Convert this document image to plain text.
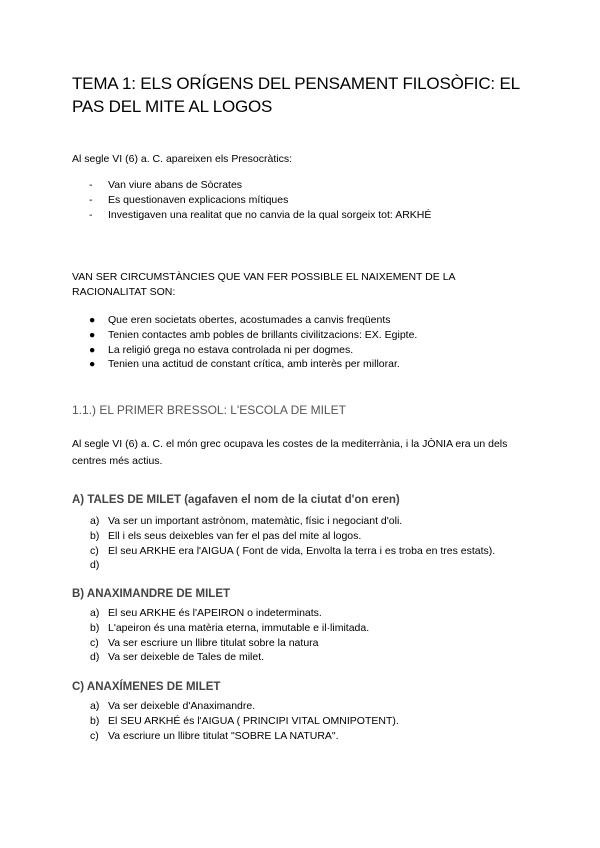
TEMA 1: ELS ORÍGENS DEL PENSAMENT FILOSÒFIC: EL PAS DEL MITE AL LOGOS

Al segle VI (6) a. C. apareixen els Presocràtics:

- Van viure abans de Sòcrates
- Es questionaven explicacions mítiques
- Investigaven una realitat que no canvia de la qual sorgeix tot: ARKHÉ

VAN SER CIRCUMSTÀNCIES QUE VAN FER POSSIBLE EL NAIXEMENT DE LA RACIONALITAT SON:

● Que eren societats obertes, acostumades a canvis freqüents
● Tenien contactes amb pobles de brillants civilitzacions: EX. Egipte.
● La religió grega no estava controlada ni per dogmes.
● Tenien una actitud de constant crítica, amb interès per millorar.

1.1.) EL PRIMER BRESSOL: L'ESCOLA DE MILET

Al segle VI (6) a. C. el món grec ocupava les costes de la mediterrània, i la JÒNIA era un dels centres més actius.

A) TALES DE MILET (agafaven el nom de la ciutat d'on eren)

a) Va ser un important astrònom, matemàtic, físic i negociant d'oli.
b) Ell i els seus deixebles van fer el pas del mite al logos.
c) El seu ARKHE era l'AIGUA ( Font de vida, Envolta la terra i es troba en tres estats).
d)

B) ANAXIMANDRE DE MILET

a) El seu ARKHE és l'APEIRON o indeterminats.
b) L'apeiron és una matèria eterna, immutable e il·limitada.
c) Va ser escriure un llibre titulat sobre la natura
d) Va ser deixeble de Tales de milet.

C) ANAXÍMENES DE MILET

a) Va ser deixeble d'Anaximandre.
b) El SEU ARKHÉ és l'AIGUA ( PRINCIPI VITAL OMNIPOTENT).
c) Va escriure un llibre titulat "SOBRE LA NATURA".
